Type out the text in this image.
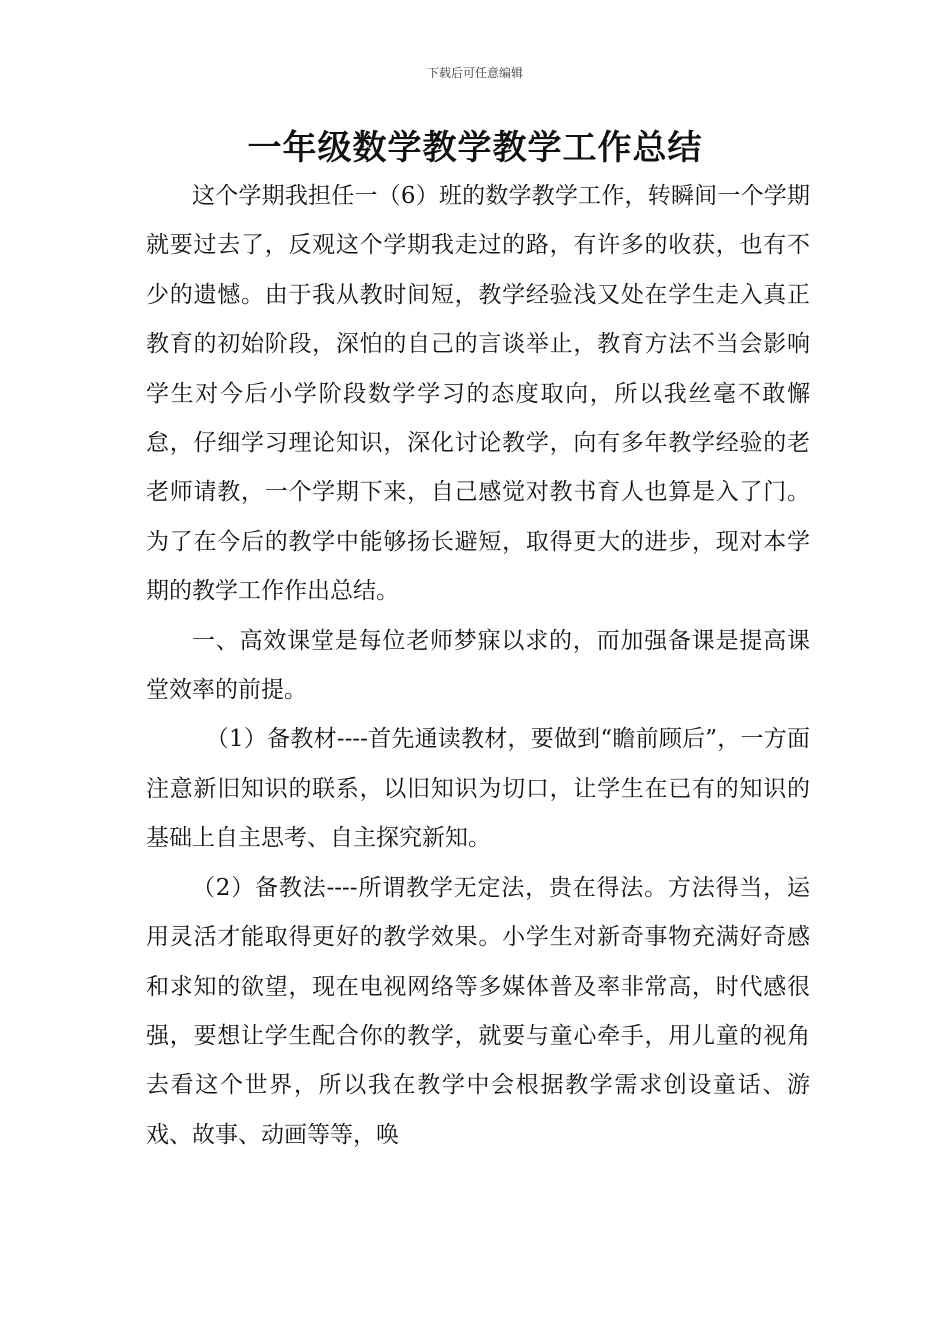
下载后可任意编辑
一年级数学教学教学工作总结

这个学期我担任一（6）班的数学教学工作，转瞬间一个学期就要过去了，反观这个学期我走过的路，有许多的收获，也有不少的遗憾。由于我从教时间短，教学经验浅又处在学生走入真正教育的初始阶段，深怕的自己的言谈举止，教育方法不当会影响学生对今后小学阶段数学学习的态度取向，所以我丝毫不敢懈怠，仔细学习理论知识，深化讨论教学，向有多年教学经验的老老师请教，一个学期下来，自己感觉对教书育人也算是入了门。为了在今后的教学中能够扬长避短，取得更大的进步，现对本学期的教学工作作出总结。

一、高效课堂是每位老师梦寐以求的，而加强备课是提高课堂效率的前提。

（1）备教材----首先通读教材，要做到“瞻前顾后”，一方面注意新旧知识的联系，以旧知识为切口，让学生在已有的知识的基础上自主思考、自主探究新知。

（2）备教法----所谓教学无定法，贵在得法。方法得当，运用灵活才能取得更好的教学效果。小学生对新奇事物充满好奇感和求知的欲望，现在电视网络等多媒体普及率非常高，时代感很强，要想让学生配合你的教学，就要与童心牵手，用儿童的视角去看这个世界，所以我在教学中会根据教学需求创设童话、游戏、故事、动画等等，唤
